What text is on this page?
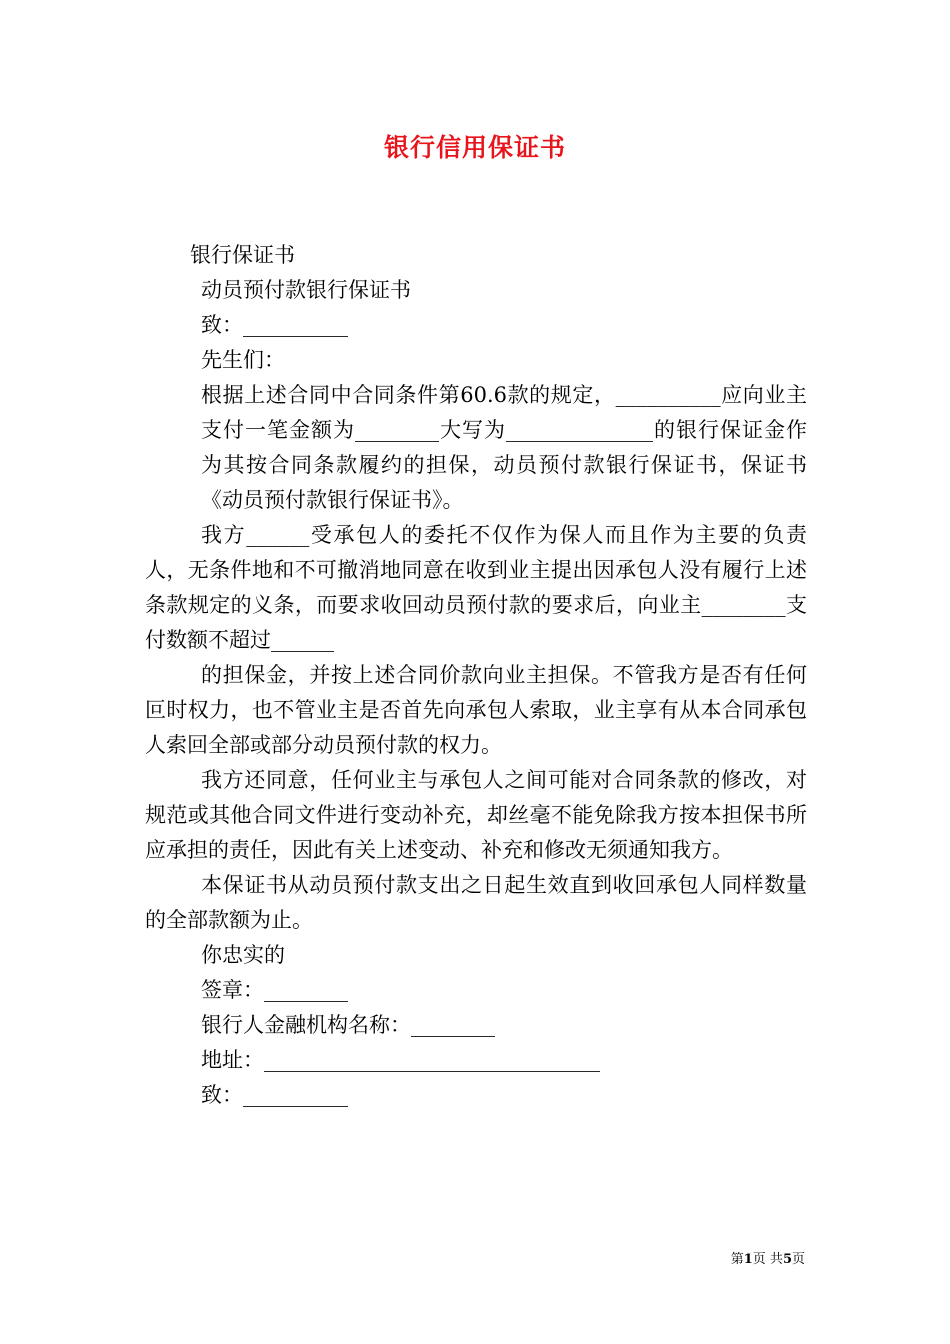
银行信用保证书
银行保证书
动员预付款银行保证书
致：__________
先生们：
根据上述合同中合同条件第60.6款的规定，__________应向业主支付一笔金额为________大写为______________的银行保证金作为其按合同条款履约的担保，动员预付款银行保证书，保证书《动员预付款银行保证书》。
我方______受承包人的委托不仅作为保人而且作为主要的负责人，无条件地和不可撤消地同意在收到业主提出因承包人没有履行上述条款规定的义条，而要求收回动员预付款的要求后，向业主________支付数额不超过______
的担保金，并按上述合同价款向业主担保。不管我方是否有任何叵时权力，也不管业主是否首先向承包人索取，业主享有从本合同承包人索回全部或部分动员预付款的权力。
我方还同意，任何业主与承包人之间可能对合同条款的修改，对规范或其他合同文件进行变动补充，却丝毫不能免除我方按本担保书所应承担的责任，因此有关上述变动、补充和修改无须通知我方。
本保证书从动员预付款支出之日起生效直到收回承包人同样数量的全部款额为止。
你忠实的
签章：________
银行人金融机构名称：________
地址：________________________________
致：__________
第1页 共5页
